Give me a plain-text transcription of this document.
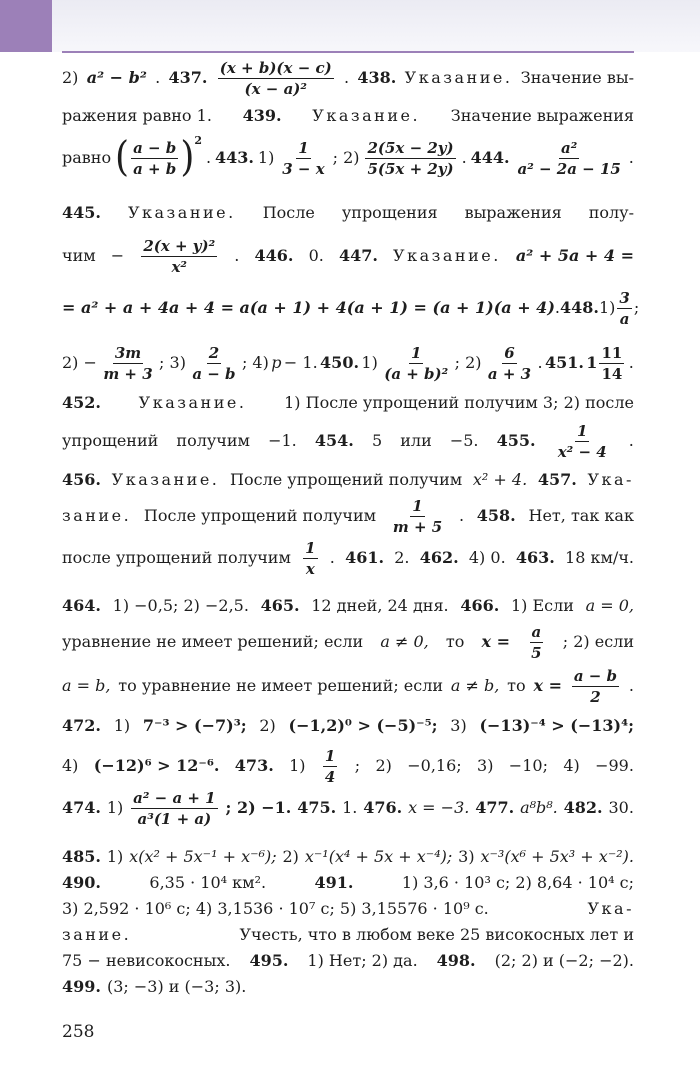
2) a² − b² . 437. $\frac{(x + b)(x - c)}{\text{(x − a)²}}$ . 438. Указание. Значение вы-
ражения равно 1. 439. Указание. Значение выражения
равно ( $\frac{a - b}{a + b}$ ) 2
. 443. $1) \frac{1}{3 - x}$ ; $2) \frac{2(5x - 2y)}{5(5x + 2y)}$ . 444. $\frac{\text{a²}}{\text{a² − 2a − 15}}$ .
445. Указание. После упрощения выражения полу-
чим − $\frac{\text{2(x + y)²}}{\text{x²}}$ . 446. 0. 447. Указание. a² + 5a + 4 =
= a² + a + 4a + 4 = a(a + 1) + 4(a + 1) = (a + 1)(a + 4) . 448. $1) \frac{3}{a}$ ;
$2) - \frac{3m}{m + 3}$ ; $3) \frac{2}{a - b}$ ; 4) p − 1. 450. $1) \frac{1}{\text{(a + b)²}}$ ; $2) \frac{6}{a + 3}$ . 451. $1 \frac{11}{14}$ .
452. Указание. 1) После упрощений получим 3; 2) после
упрощений получим −1. 454. 5 или −5. 455. $\frac{1}{\text{x² − 4}}$ .
456. Указание. После упрощений получим x² + 4. 457. Ука-
зание. После упрощений получим $\frac{1}{m + 5}$ . 458. Нет, так как
после упрощений получим $\frac{1}{x}$ . 461. 2. 462. 4) 0. 463. 18 км/ч.
464. 1) −0,5; 2) −2,5. 465. 12 дней, 24 дня. 466. 1) Если a = 0,
уравнение не имеет решений; если a ≠ 0, то $x = \frac{a}{5}$ ; 2) если
a = b, то уравнение не имеет решений; если a ≠ b, то $x = \frac{a - b}{2}$ .
472. 1) 7⁻³ > (−7)³; 2) (−1,2)⁰ > (−5)⁻⁵; 3) (−13)⁻⁴ > (−13)⁴;
4) (−12)⁶ > 12⁻⁶. 473. $1) \frac{1}{4}$ ; 2) −0,16; 3) −10; 4) −99.
474. $1) \frac{\text{a² − a + 1}}{\text{a³(1 + a)}}$ ; 2) −1. 475. 1. 476. x = −3. 477. a⁸b⁸. 482. 30.
485. 1) x(x² + 5x⁻¹ + x⁻⁶); 2) x⁻¹(x⁴ + 5x + x⁻⁴); 3) x⁻³(x⁶ + 5x³ + x⁻²).
490.	6,35 · 10⁴ км².	491.	1) 3,6 · 10³ с; 2) 8,64 · 10⁴ с;
3) 2,592 · 10⁶ с; 4) 3,1536 · 10⁷ с; 5) 3,15576 · 10⁹ с.	Ука-
зание.	Учесть, что в любом веке 25 високосных лет и
75 − невисокосных. 495. 1) Нет; 2) да. 498. (2; 2) и (−2; −2).
499. (3; −3) и (−3; 3).
258
